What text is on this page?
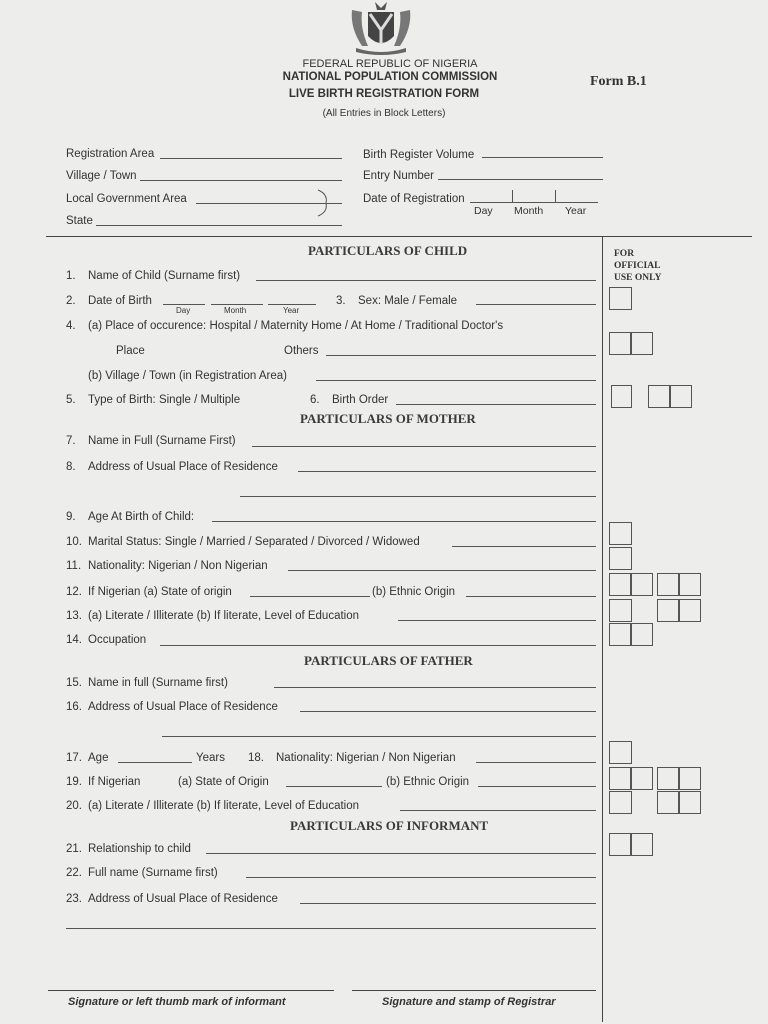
FEDERAL REPUBLIC OF NIGERIA
NATIONAL POPULATION COMMISSION
LIVE BIRTH REGISTRATION FORM
(All Entries in Block Letters)
Form B.1
Registration Area
Village / Town
Local Government Area
State
Birth Register Volume
Entry Number
Date of Registration
Day Month Year
FOR
OFFICIAL
USE ONLY
PARTICULARS OF CHILD
1. Name of Child (Surname first)
2. Date of Birth
Day	Month	Year
3. Sex: Male / Female
4. (a) Place of occurence: Hospital / Maternity Home / At Home / Traditional Doctor's
Place	Others
(b) Village / Town (in Registration Area)
5. Type of Birth: Single / Multiple	6. Birth Order
PARTICULARS OF MOTHER
7. Name in Full (Surname First)
8. Address of Usual Place of Residence
9. Age At Birth of Child:
10. Marital Status: Single / Married / Separated / Divorced / Widowed
11. Nationality: Nigerian / Non Nigerian
12. If Nigerian (a) State of origin	(b) Ethnic Origin
13. (a) Literate / Illiterate (b) If literate, Level of Education
14. Occupation
PARTICULARS OF FATHER
15. Name in full (Surname first)
16. Address of Usual Place of Residence
17. Age	Years 18. Nationality: Nigerian / Non Nigerian
19. If Nigerian	(a) State of Origin	(b) Ethnic Origin
20. (a) Literate / Illiterate (b) If literate, Level of Education
PARTICULARS OF INFORMANT
21. Relationship to child
22. Full name (Surname first)
23. Address of Usual Place of Residence
Signature or left thumb mark of informant	Signature and stamp of Registrar
